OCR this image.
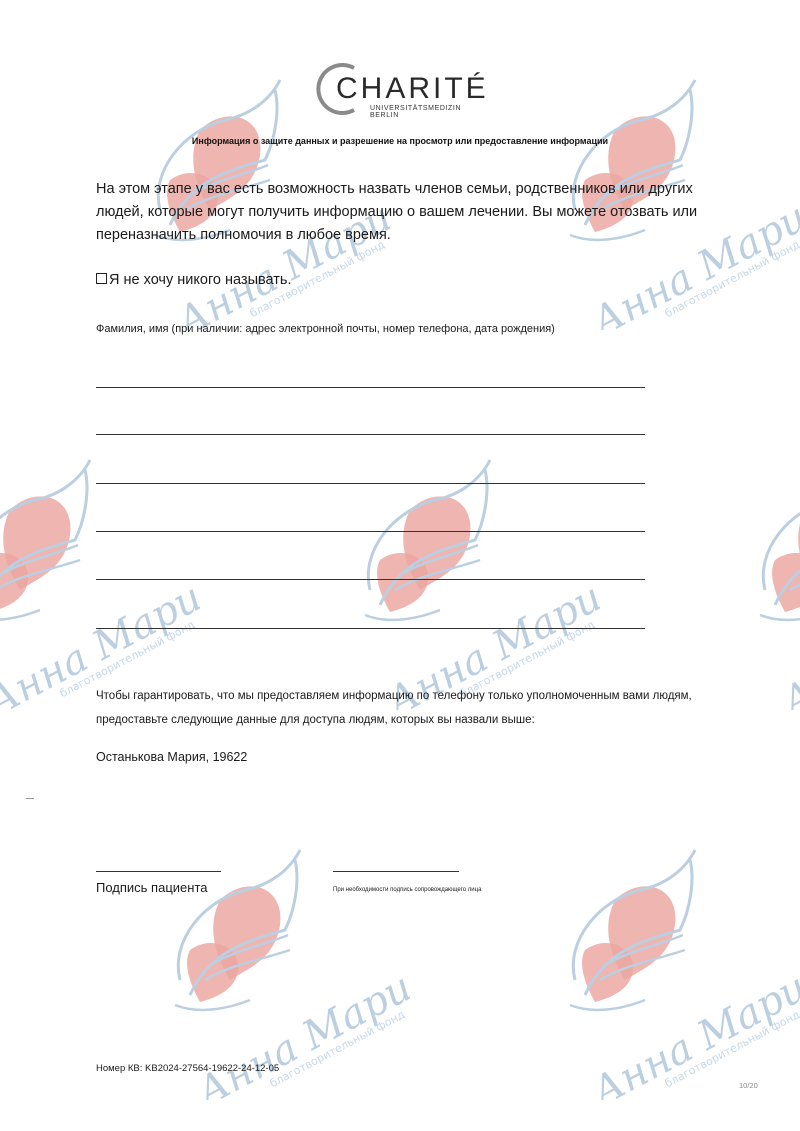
CHARITÉ
UNIVERSITÄTSMEDIZIN BERLIN
Информация о защите данных и разрешение на просмотр или предоставление информации
На этом этапе у вас есть возможность назвать членов семьи, родственников или других людей, которые могут получить информацию о вашем лечении. Вы можете отозвать или переназначить полномочия в любое время.
Я не хочу никого называть.
Фамилия, имя (при наличии: адрес электронной почты, номер телефона, дата рождения)
Чтобы гарантировать, что мы предоставляем информацию по телефону только уполномоченным вами людям, предоставьте следующие данные для доступа людям, которых вы назвали выше:
Останькова Мария, 19622
Подпись пациента	При необходимости подпись сопровождающего лица
Номер КВ: KB2024-27564-19622-24-12-05
10/20
